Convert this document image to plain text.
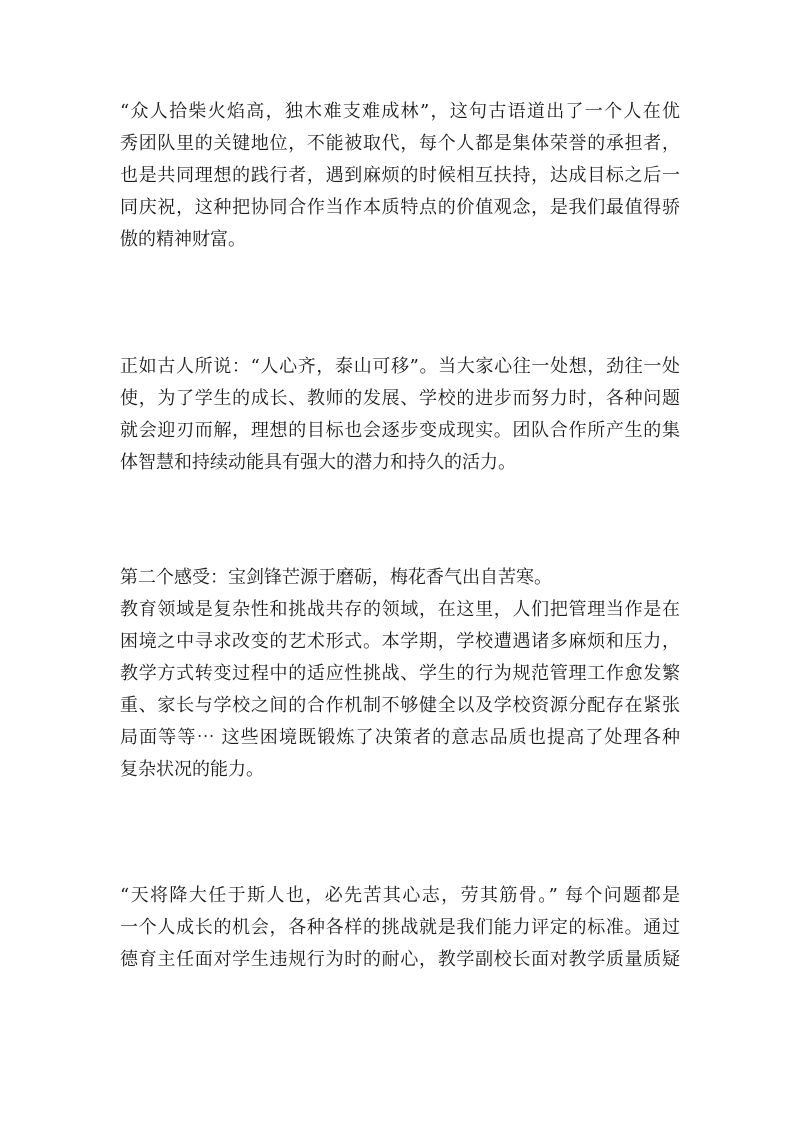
“众人拾柴火焰高，独木难支难成林”，这句古语道出了一个人在优
秀团队里的关键地位，不能被取代，每个人都是集体荣誉的承担者，
也是共同理想的践行者，遇到麻烦的时候相互扶持，达成目标之后一
同庆祝，这种把协同合作当作本质特点的价值观念，是我们最值得骄
傲的精神财富。
正如古人所说：“人心齐，泰山可移”。当大家心往一处想，劲往一处
使，为了学生的成长、教师的发展、学校的进步而努力时，各种问题
就会迎刃而解，理想的目标也会逐步变成现实。团队合作所产生的集
体智慧和持续动能具有强大的潜力和持久的活力。
第二个感受：宝剑锋芒源于磨砺，梅花香气出自苦寒。
教育领域是复杂性和挑战共存的领域，在这里，人们把管理当作是在
困境之中寻求改变的艺术形式。本学期，学校遭遇诸多麻烦和压力，
教学方式转变过程中的适应性挑战、学生的行为规范管理工作愈发繁
重、家长与学校之间的合作机制不够健全以及学校资源分配存在紧张
局面等等⋯ 这些困境既锻炼了决策者的意志品质也提高了处理各种
复杂状况的能力。
“天将降大任于斯人也，必先苦其心志，劳其筋骨。” 每个问题都是
一个人成长的机会，各种各样的挑战就是我们能力评定的标准。通过
德育主任面对学生违规行为时的耐心，教学副校长面对教学质量质疑
